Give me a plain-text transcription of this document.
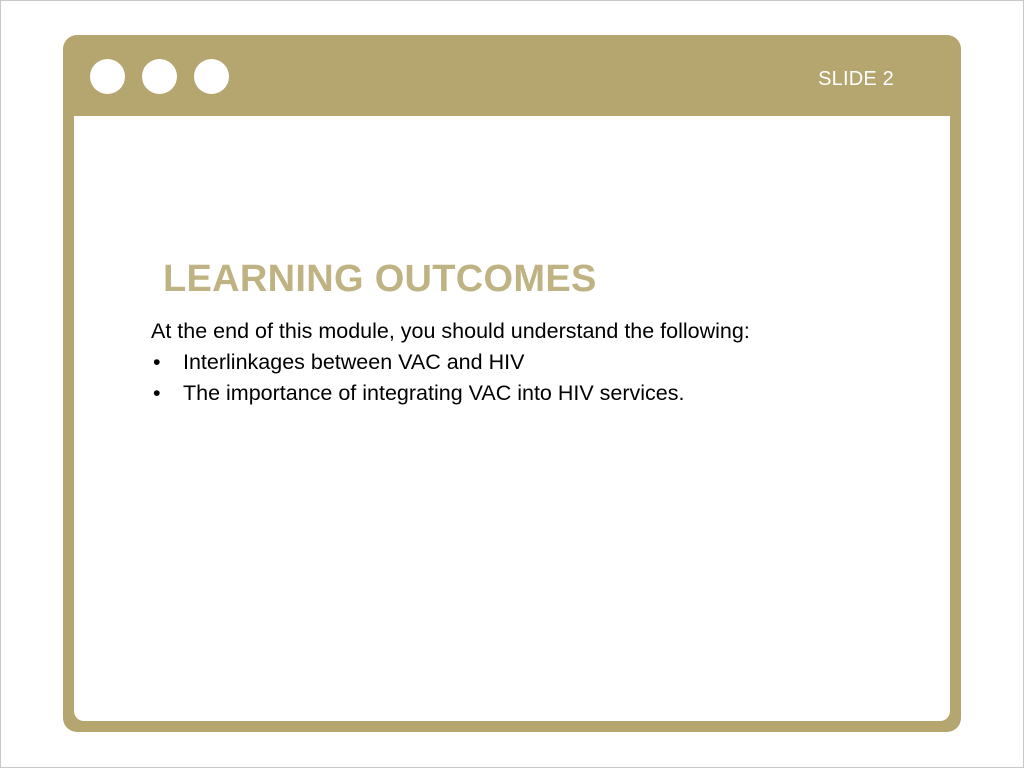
SLIDE 2
LEARNING OUTCOMES
At the end of this module, you should understand the following:
• Interlinkages between VAC and HIV
• The importance of integrating VAC into HIV services.
